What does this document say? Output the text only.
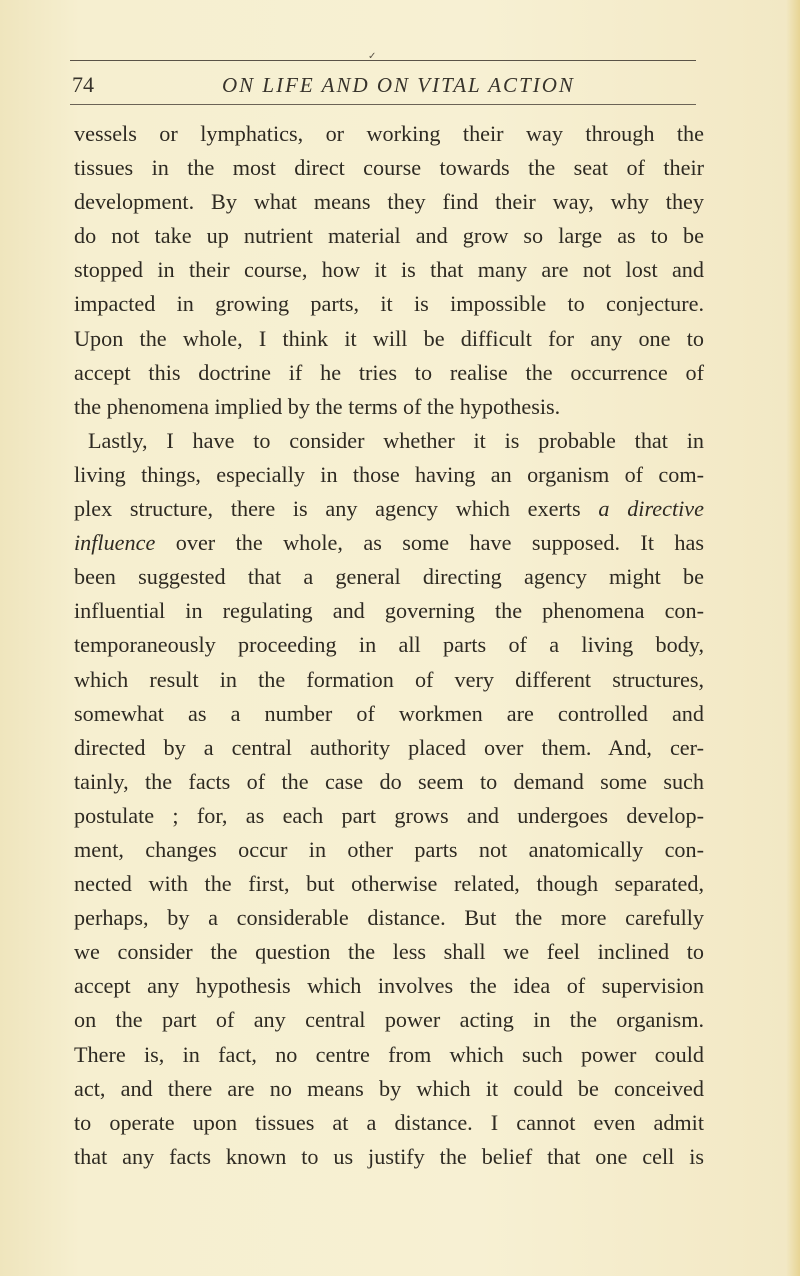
✓
74	ON LIFE AND ON VITAL ACTION
vessels or lymphatics, or working their way through the
tissues in the most direct course towards the seat of their
development. By what means they find their way, why they
do not take up nutrient material and grow so large as to be
stopped in their course, how it is that many are not lost and
impacted in growing parts, it is impossible to conjecture.
Upon the whole, I think it will be difficult for any one to
accept this doctrine if he tries to realise the occurrence of
the phenomena implied by the terms of the hypothesis.
Lastly, I have to consider whether it is probable that in
living things, especially in those having an organism of com-
plex structure, there is any agency which exerts a directive
influence over the whole, as some have supposed. It has
been suggested that a general directing agency might be
influential in regulating and governing the phenomena con-
temporaneously proceeding in all parts of a living body,
which result in the formation of very different structures,
somewhat as a number of workmen are controlled and
directed by a central authority placed over them. And, cer-
tainly, the facts of the case do seem to demand some such
postulate ; for, as each part grows and undergoes develop-
ment, changes occur in other parts not anatomically con-
nected with the first, but otherwise related, though separated,
perhaps, by a considerable distance. But the more carefully
we consider the question the less shall we feel inclined to
accept any hypothesis which involves the idea of supervision
on the part of any central power acting in the organism.
There is, in fact, no centre from which such power could
act, and there are no means by which it could be conceived
to operate upon tissues at a distance. I cannot even admit
that any facts known to us justify the belief that one cell is
